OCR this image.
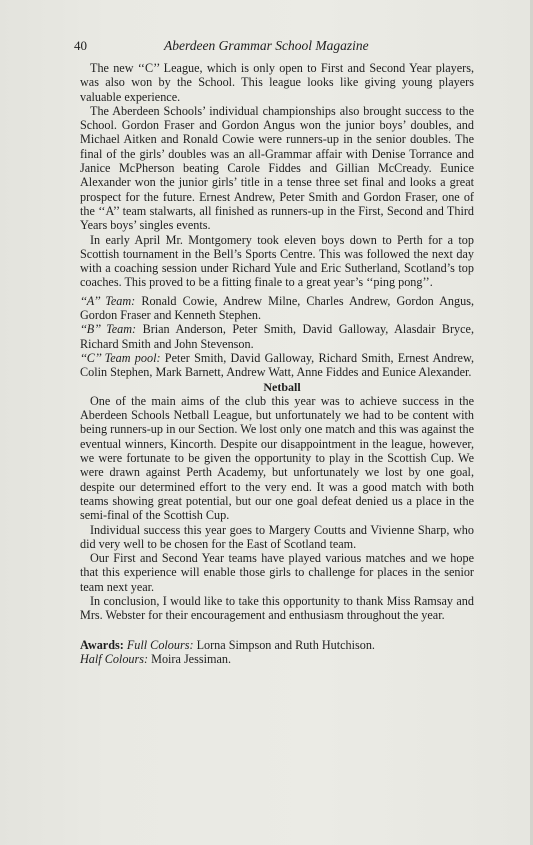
40	Aberdeen Grammar School Magazine

The new ‘‘C’’ League, which is only open to First and Second Year players, was also won by the School. This league looks like giving young players valuable experience.

The Aberdeen Schools’ individual championships also brought success to the School. Gordon Fraser and Gordon Angus won the junior boys’ doubles, and Michael Aitken and Ronald Cowie were runners-up in the senior doubles. The final of the girls’ doubles was an all-Grammar affair with Denise Torrance and Janice McPherson beating Carole Fiddes and Gillian McCready. Eunice Alexander won the junior girls’ title in a tense three set final and looks a great prospect for the future. Ernest Andrew, Peter Smith and Gordon Fraser, one of the ‘‘A’’ team stalwarts, all finished as runners-up in the First, Second and Third Years boys’ singles events.

In early April Mr. Montgomery took eleven boys down to Perth for a top Scottish tournament in the Bell’s Sports Centre. This was followed the next day with a coaching session under Richard Yule and Eric Sutherland, Scotland’s top coaches. This proved to be a fitting finale to a great year’s ‘‘ping pong’’.

‘‘A’’ Team: Ronald Cowie, Andrew Milne, Charles Andrew, Gordon Angus, Gordon Fraser and Kenneth Stephen.

‘‘B’’ Team: Brian Anderson, Peter Smith, David Galloway, Alasdair Bryce, Richard Smith and John Stevenson.

‘‘C’’ Team pool: Peter Smith, David Galloway, Richard Smith, Ernest Andrew, Colin Stephen, Mark Barnett, Andrew Watt, Anne Fiddes and Eunice Alexander.

Netball

One of the main aims of the club this year was to achieve success in the Aberdeen Schools Netball League, but unfortunately we had to be content with being runners-up in our Section. We lost only one match and this was against the eventual winners, Kincorth. Despite our disappointment in the league, however, we were fortunate to be given the opportunity to play in the Scottish Cup. We were drawn against Perth Academy, but unfortunately we lost by one goal, despite our determined effort to the very end. It was a good match with both teams showing great potential, but our one goal defeat denied us a place in the semi-final of the Scottish Cup.

Individual success this year goes to Margery Coutts and Vivienne Sharp, who did very well to be chosen for the East of Scotland team.

Our First and Second Year teams have played various matches and we hope that this experience will enable those girls to challenge for places in the senior team next year.

In conclusion, I would like to take this opportunity to thank Miss Ramsay and Mrs. Webster for their encouragement and enthusiasm throughout the year.

Awards: Full Colours: Lorna Simpson and Ruth Hutchison.

Half Colours: Moira Jessiman.
